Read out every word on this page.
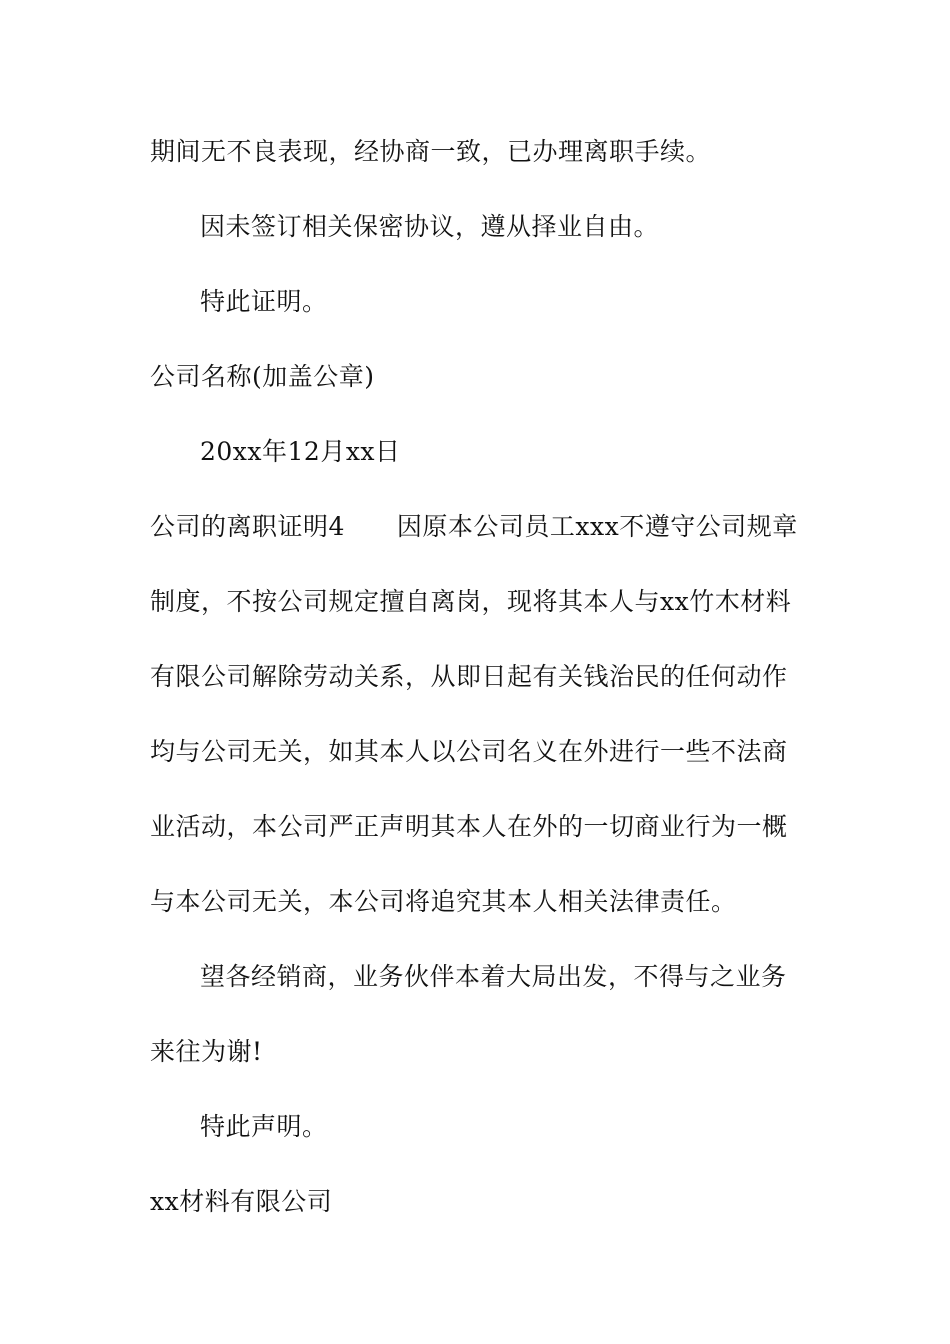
期间无不良表现，经协商一致，已办理离职手续。

因未签订相关保密协议，遵从择业自由。

特此证明。

公司名称(加盖公章)

20xx年12月xx日

公司的离职证明4 因原本公司员工xxx不遵守公司规章

制度，不按公司规定擅自离岗，现将其本人与xx竹木材料

有限公司解除劳动关系，从即日起有关钱治民的任何动作

均与公司无关，如其本人以公司名义在外进行一些不法商

业活动，本公司严正声明其本人在外的一切商业行为一概

与本公司无关，本公司将追究其本人相关法律责任。

望各经销商，业务伙伴本着大局出发，不得与之业务

来往为谢!

特此声明。

xx材料有限公司
